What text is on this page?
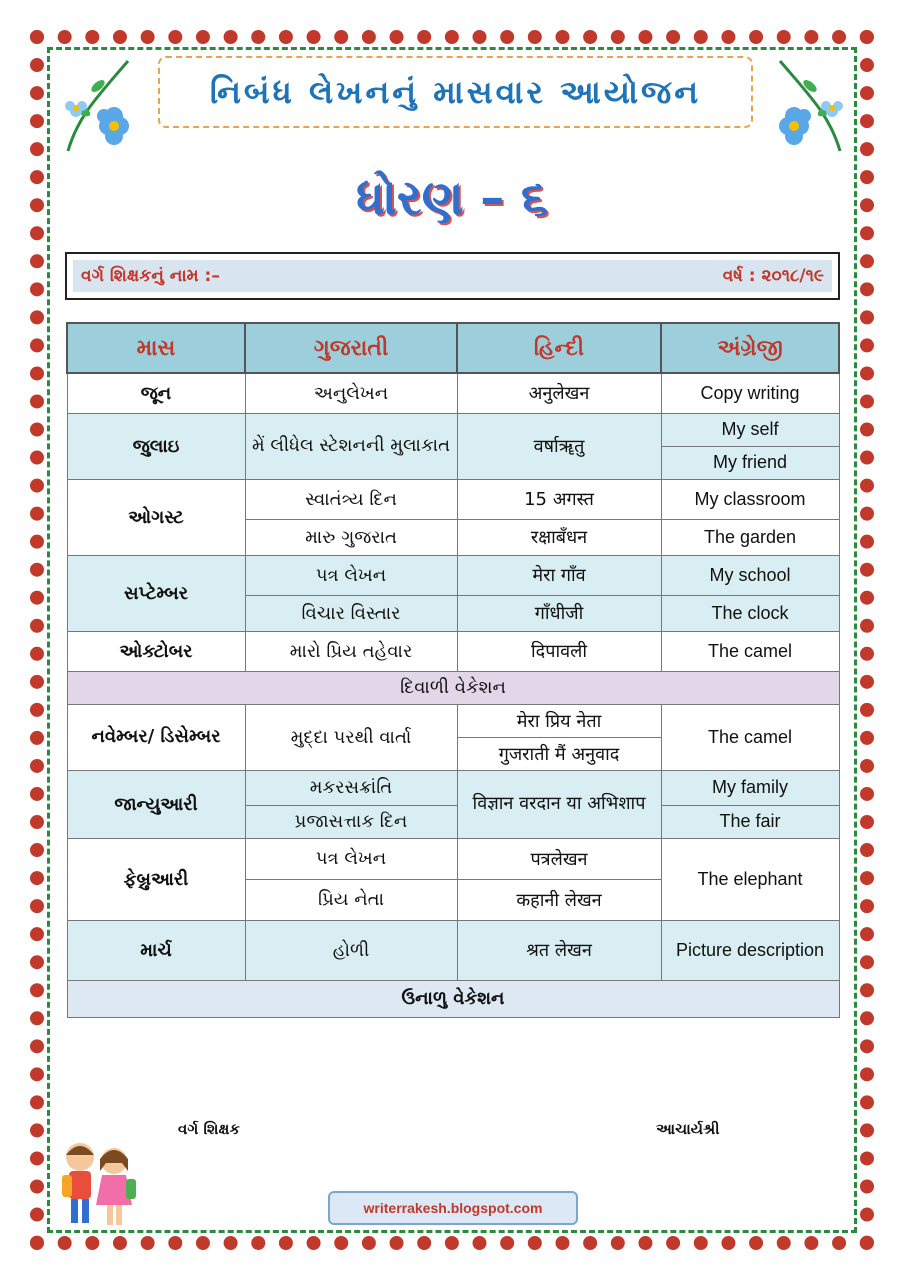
નિબંધ લેખનનું માસવાર આયોજન
ધોરણ – ૬
વર્ગ શિક્ષકનું નામ :–	વર્ષ : ૨૦૧૮/૧૯
માસ	ગુજરાતી	હિન્દી	અંગ્રેજી
જૂન	અનુલેખન	अनुलेखन	Copy writing
જુલાઇ	મેં લીધેલ સ્ટેશનની મુલાકાત	वर्षाॠतु	My self
			My friend
ઓગસ્ટ	સ્વાતંત્ર્ય દિન	15 अगस्त	My classroom
	મારુ ગુજરાત	रक्षाबँधन	The garden
સપ્ટેમ્બર	પત્ર લેખન	मेरा गाँव	My school
	વિચાર વિસ્તાર	गाँधीजी	The clock
ઓક્ટોબર	મારો પ્રિય તહેવાર	दिपावली	The camel
દિવાળી વેકેશન			
નવેમ્બર/ ડિસેમ્બર	મુદ્દા પરથી વાર્તા	मेरा प्रिय नेता	The camel
		गुजराती मैं अनुवाद	
જાન્યુઆરી	મકરસક્રાંતિ	विज्ञान वरदान या अभिशाप	My family
	પ્રજાસત્તાક દિન		The fair
ફેબ્રુઆરી	પત્ર લેખન	पत्रलेखन	The elephant
	પ્રિય નેતા	कहानी लेखन	
માર્ચ	હોળી	श्रत लेखन	Picture description
ઉનાળુ વેકેશન			
વર્ગ શિક્ષક	આચાર્યશ્રી
writerrakesh.blogspot.com
